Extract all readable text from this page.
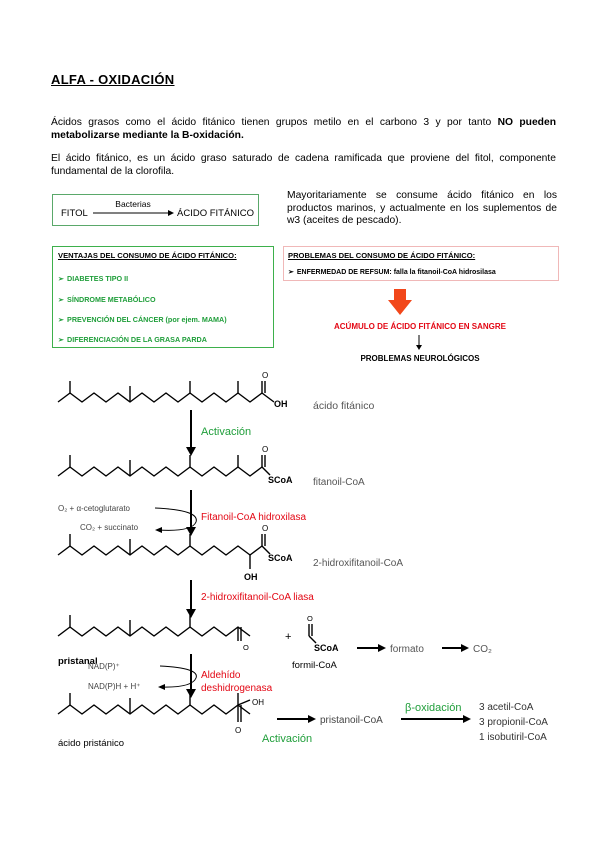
ALFA - OXIDACIÓN
Ácidos grasos como el ácido fitánico tienen grupos metilo en el carbono 3 y por tanto NO pueden metabolizarse mediante la B-oxidación.
El ácido fitánico, es un ácido graso saturado de cadena ramificada que proviene del fitol, componente fundamental de la clorofila.
FITOL
Bacterias
ÁCIDO FITÁNICO
Mayoritariamente se consume ácido fitánico en los productos marinos, y actualmente en los suplementos de w3 (aceites de pescado).
VENTAJAS DEL CONSUMO DE ÁCIDO FITÁNICO:
➢ DIABETES TIPO II
➢ SÍNDROME METABÓLICO
➢ PREVENCIÓN DEL CÁNCER (por ejem. MAMA)
➢ DIFERENCIACIÓN DE LA GRASA PARDA
PROBLEMAS DEL CONSUMO DE ÁCIDO FITÁNICO:
➢ ENFERMEDAD DE REFSUM: falla la fitanoil-CoA hidrosilasa
ACÚMULO DE ÁCIDO FITÁNICO EN SANGRE
PROBLEMAS NEUROLÓGICOS
O
OH ácido fitánico
Activación
O
SCoA fitanoil-CoA
O₂ + α-cetoglutarato
CO₂ + succinato
Fitanoil-CoA hidroxilasa
O
SCoA
OH
2-hidroxifitanoil-CoA
2-hidroxifitanoil-CoA liasa
pristanal
O
+
O
SCoA
formil-CoA
formato	CO₂
NAD(P)⁺
NAD(P)H + H⁺
Aldehído
deshidrogenasa
OH
O
ácido pristánico	Activación
pristanoil-CoA
β-oxidación 3 acetil-CoA
3 propionil-CoA
1 isobutiril-CoA
